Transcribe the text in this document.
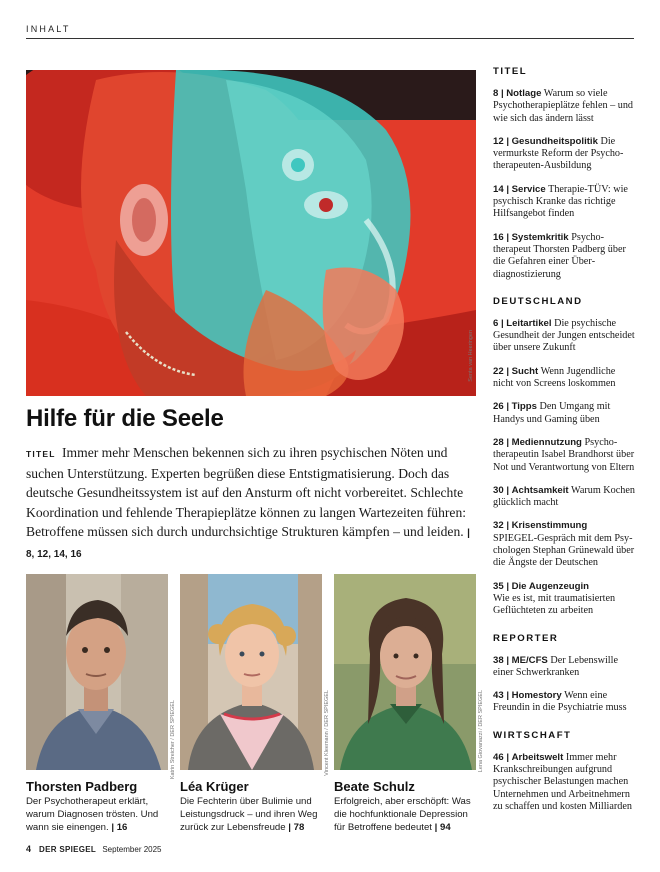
INHALT
Senta van Heeringen
Hilfe für die Seele

TITEL Immer mehr Menschen bekennen sich zu ihren psychischen Nöten und suchen Unterstützung. Experten begrüßen diese Entstigmatisierung. Doch das deutsche Gesundheitssystem ist auf den Ansturm oft nicht vorbereitet. Schlechte Koordination und fehlende Therapieplätze können zu langen Wartezeiten führen: Betroffene müssen sich durch undurchsichtige Strukturen kämpfen – und leiden. | 8, 12, 14, 16

Katrin Streicher / DER SPIEGEL	Vincent Kleemann / DER SPIEGEL	Lena Giovanazzi / DER SPIEGEL
Thorsten Padberg

Der Psychotherapeut erklärt, warum Diagnosen trösten. Und wann sie einengen. | 16

Léa Krüger

Die Fechterin über Bulimie und Leistungsdruck – und ihren Weg zurück zur Lebensfreude | 78

Beate Schulz

Erfolgreich, aber erschöpft: Was die hochfunktionale Depression für Betroffene bedeutet | 94

TITEL

8 | Notlage Warum so viele Psychotherapieplätze fehlen – und wie sich das ändern lässt

12 | Gesundheitspolitik Die vermurkste Reform der Psychotherapeuten-Ausbildung

14 | Service Therapie-TÜV: wie psychisch Kranke das richtige Hilfsangebot finden

16 | Systemkritik Psychotherapeut Thorsten Padberg über die Gefahren einer Überdiagnostizierung

DEUTSCHLAND

6 | Leitartikel Die psychische Gesundheit der Jungen entscheidet über unsere Zukunft

22 | Sucht Wenn Jugendliche nicht von Screens loskommen

26 | Tipps Den Umgang mit Handys und Gaming üben

28 | Mediennutzung Psychotherapeutin Isabel Brandhorst über Not und Verantwortung von Eltern

30 | Achtsamkeit Warum Kochen glücklich macht

32 | Krisenstimmung
SPIEGEL-Gespräch mit dem Psychologen Stephan Grünewald über die Ängste der Deutschen

35 | Die Augenzeugin
Wie es ist, mit traumatisierten Geflüchteten zu arbeiten

REPORTER

38 | ME/CFS Der Lebenswille einer Schwerkranken

43 | Homestory Wenn eine Freundin in die Psychiatrie muss

WIRTSCHAFT

46 | Arbeitswelt Immer mehr Krankschreibungen aufgrund psychischer Belastungen machen Unternehmen und Arbeitnehmern zu schaffen und kosten Milliarden

4 DER SPIEGEL September 2025
